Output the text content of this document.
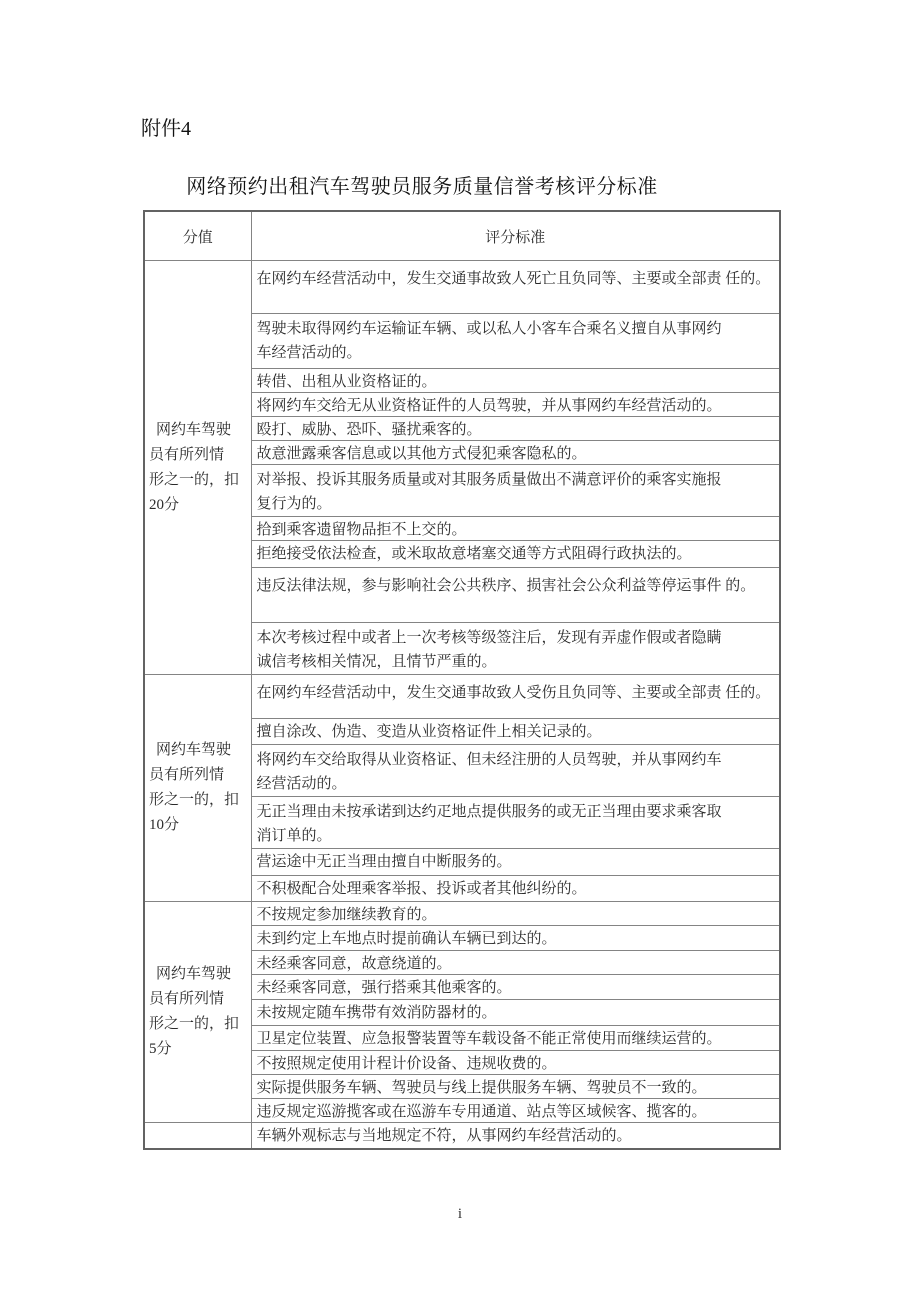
附件4
网络预约出租汽车驾驶员服务质量信誉考核评分标准
分值	评分标准

网约车驾驶
员有所列情
形之一的，扣
20分	在网约车经营活动中，发生交通事故致人死亡且负同等、主要或全部责 任的。

	驾驶未取得网约车运输证车辆、或以私人小客车合乘名义擅自从事网约
车经营活动的。

	转借、出租从业资格证的。

	将网约车交给无从业资格证件的人员驾驶，并从事网约车经营活动的。

	殴打、威胁、恐吓、骚扰乘客的。

	故意泄露乘客信息或以其他方式侵犯乘客隐私的。

	对举报、投诉其服务质量或对其服务质量做出不满意评价的乘客实施报
复行为的。

	拾到乘客遗留物品拒不上交的。

	拒绝接受依法检查，或米取故意堵塞交通等方式阻碍行政执法的。

	违反法律法规，参与影响社会公共秩序、损害社会公众利益等停运事件 的。

	本次考核过程中或者上一次考核等级签注后，发现有弄虚作假或者隐瞒
诚信考核相关情况，且情节严重的。

网约车驾驶
员有所列情
形之一的，扣
10分	在网约车经营活动中，发生交通事故致人受伤且负同等、主要或全部责 任的。

	擅自涂改、伪造、变造从业资格证件上相关记录的。

	将网约车交给取得从业资格证、但未经注册的人员驾驶，并从事网约车
经营活动的。

	无正当理由未按承诺到达约疋地点提供服务的或无正当理由要求乘客取
消订单的。

	营运途中无正当理由擅自中断服务的。

	不积极配合处理乘客举报、投诉或者其他纠纷的。

网约车驾驶
员有所列情
形之一的，扣
5分	不按规定参加继续教育的。

	未到约定上车地点时提前确认车辆已到达的。

	未经乘客同意，故意绕道的。

	未经乘客同意，强行搭乘其他乘客的。

	未按规定随车携带有效消防器材的。

	卫星定位装置、应急报警装置等车载设备不能正常使用而继续运营的。

	不按照规定使用计程计价设备、违规收费的。

	实际提供服务车辆、驾驶员与线上提供服务车辆、驾驶员不一致的。

	违反规定巡游揽客或在巡游车专用通道、站点等区域候客、揽客的。

	车辆外观标志与当地规定不符，从事网约车经营活动的。
i
